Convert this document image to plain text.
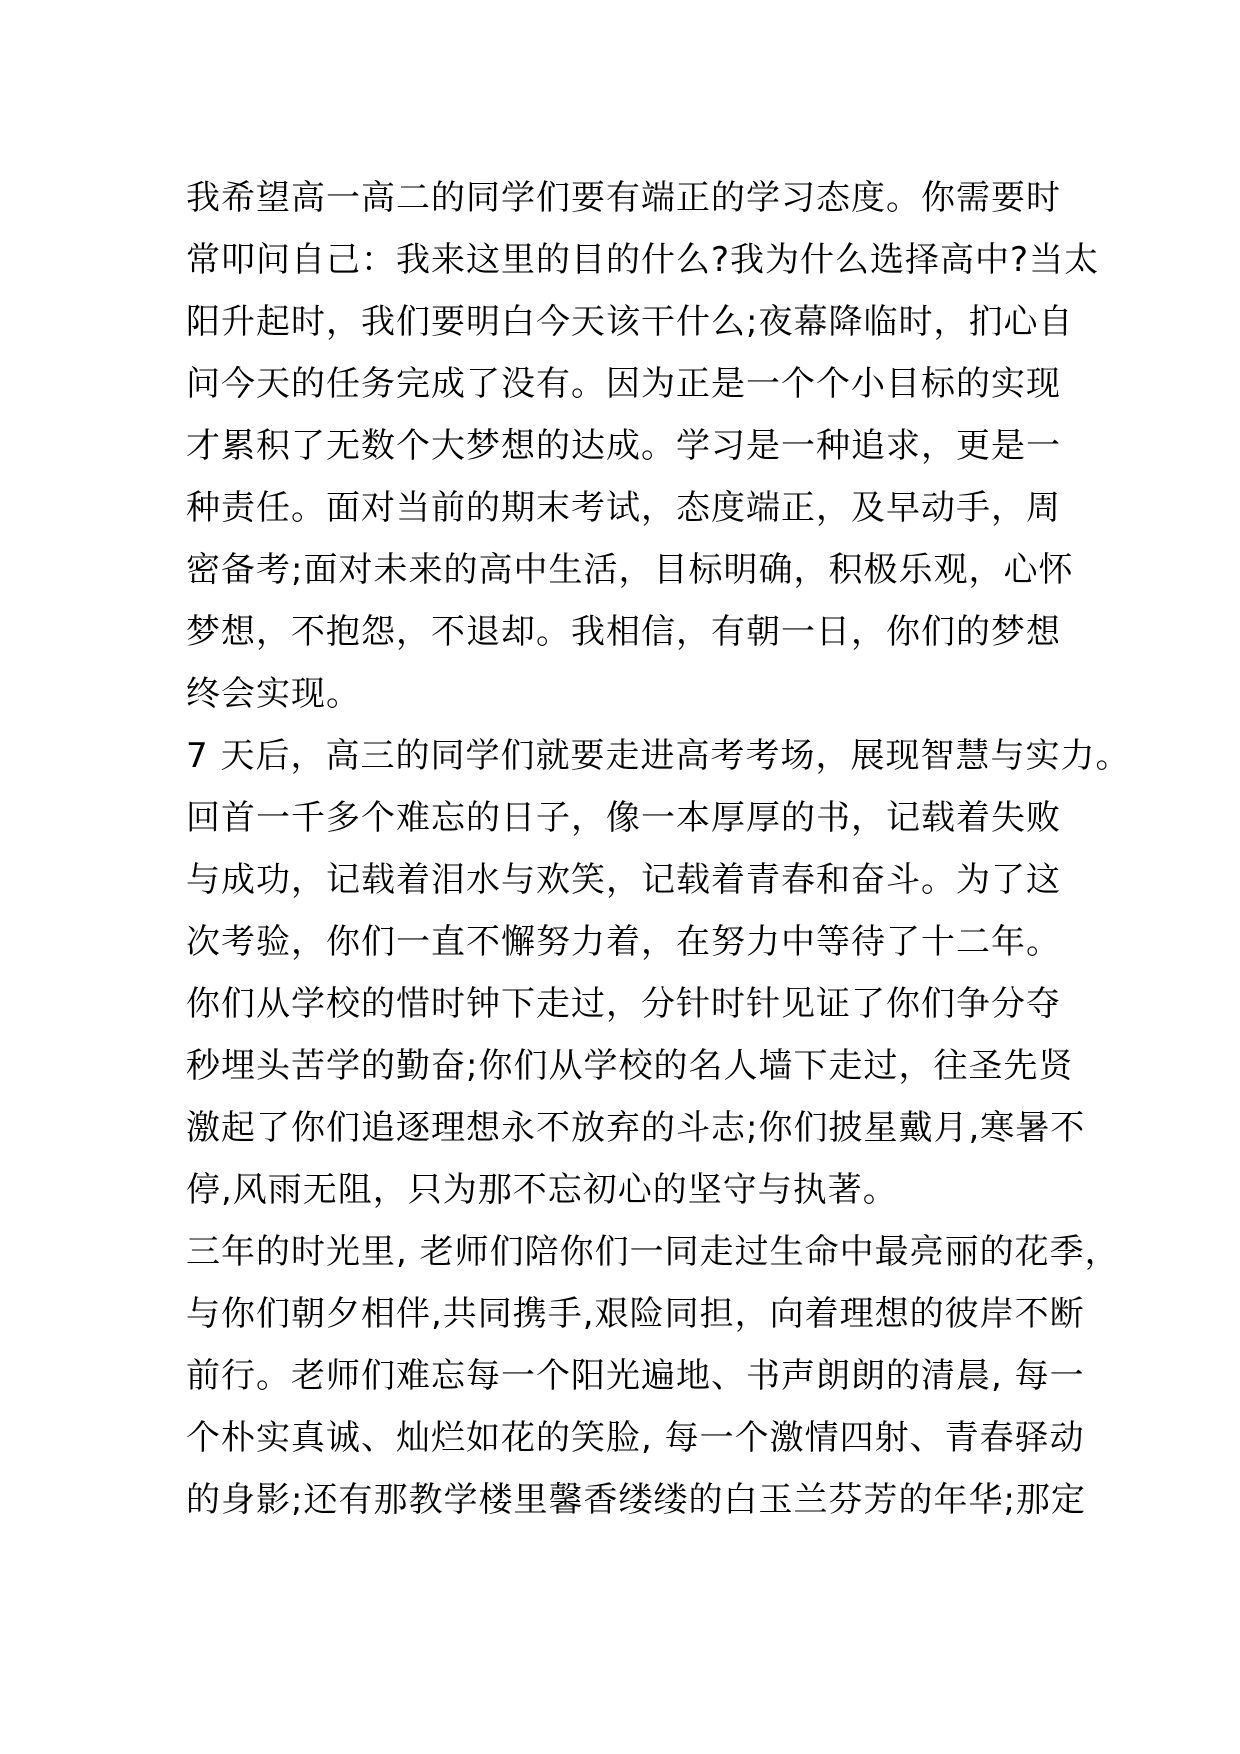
我希望高一高二的同学们要有端正的学习态度。你需要时
常叩问自己：我来这里的目的什么?我为什么选择高中?当太
阳升起时，我们要明白今天该干什么;夜幕降临时，扪心自
问今天的任务完成了没有。因为正是一个个小目标的实现
才累积了无数个大梦想的达成。学习是一种追求，更是一
种责任。面对当前的期末考试，态度端正，及早动手，周
密备考;面对未来的高中生活，目标明确，积极乐观，心怀
梦想，不抱怨，不退却。我相信，有朝一日，你们的梦想
终会实现。
7 天后，高三的同学们就要走进高考考场，展现智慧与实力。
回首一千多个难忘的日子，像一本厚厚的书，记载着失败
与成功，记载着泪水与欢笑，记载着青春和奋斗。为了这
次考验，你们一直不懈努力着，在努力中等待了十二年。
你们从学校的惜时钟下走过，分针时针见证了你们争分夺
秒埋头苦学的勤奋;你们从学校的名人墙下走过，往圣先贤
激起了你们追逐理想永不放弃的斗志;你们披星戴月,寒暑不
停,风雨无阻，只为那不忘初心的坚守与执著。
三年的时光里, 老师们陪你们一同走过生命中最亮丽的花季，
与你们朝夕相伴,共同携手,艰险同担，向着理想的彼岸不断
前行。老师们难忘每一个阳光遍地、书声朗朗的清晨, 每一
个朴实真诚、灿烂如花的笑脸, 每一个激情四射、青春驿动
的身影;还有那教学楼里馨香缕缕的白玉兰芬芳的年华;那定
